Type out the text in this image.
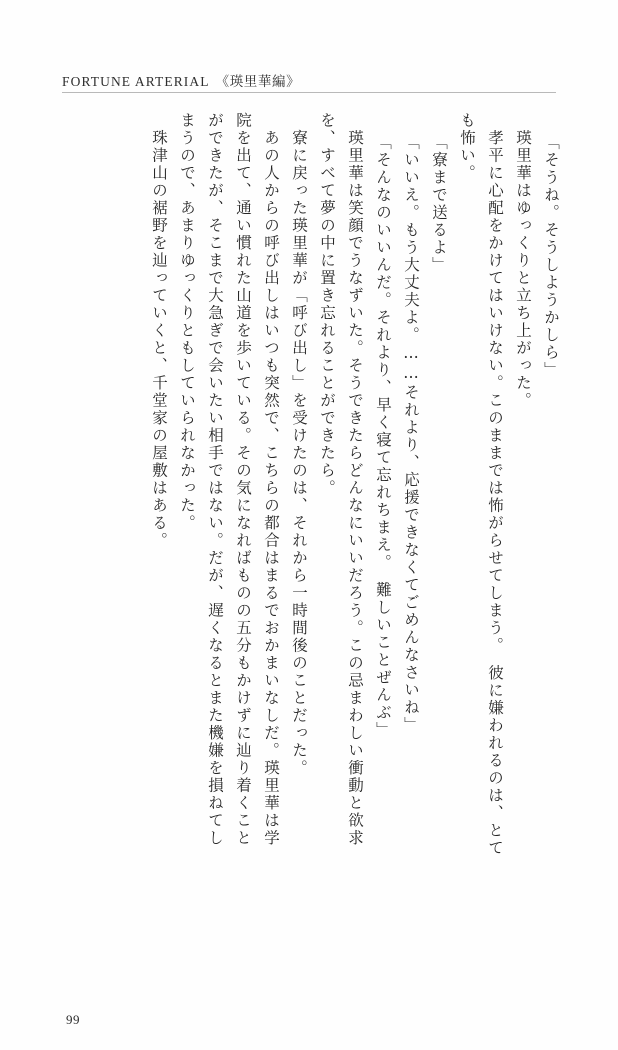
FORTUNE ARTERIAL 《瑛里華編》
「そうね。そうしようかしら」
　瑛里華はゆっくりと立ち上がった。
　孝平に心配をかけてはいけない。このままでは怖がらせてしまう。　彼に嫌われるのは、とて
も怖い。
「寮まで送るよ」
「いいえ。もう大丈夫よ。……それより、応援できなくてごめんなさいね」
「そんなのいいんだ。それより、早く寝て忘れちまえ。　難しいことぜんぶ」
　瑛里華は笑顔でうなずいた。そうできたらどんなにいいだろう。この忌まわしい衝動と欲求
を、すべて夢の中に置き忘れることができたら。
　寮に戻った瑛里華が「呼び出し」を受けたのは、それから一時間後のことだった。
　あの人からの呼び出しはいつも突然で、こちらの都合はまるでおかまいなしだ。瑛里華は学
院を出て、通い慣れた山道を歩いている。その気になればものの五分もかけずに辿り着くこと
ができたが、そこまで大急ぎで会いたい相手ではない。だが、遅くなるとまた機嫌を損ねてし
まうので、あまりゆっくりともしていられなかった。
　珠津山の裾野を辿っていくと、千堂家の屋敷はある。
99
